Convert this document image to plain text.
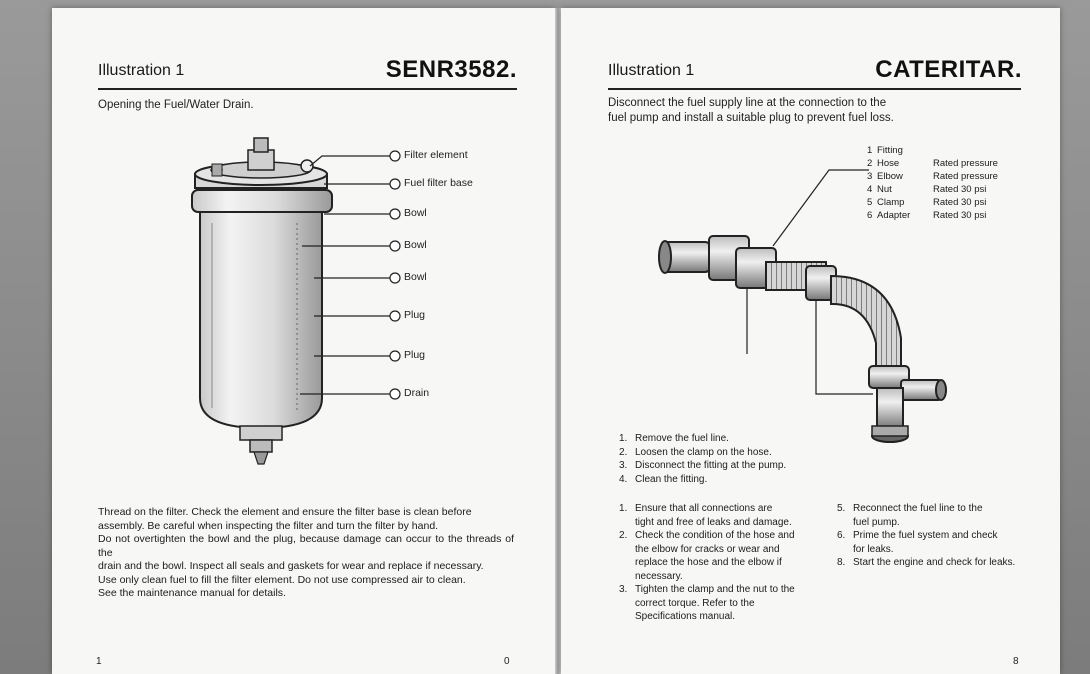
Illustration 1	SENR3582.
Opening the Fuel/Water Drain.
Filter element
Fuel filter base
Bowl
Bowl
Bowl
Plug
Plug
Drain
Thread on the filter. Check the element and ensure the filter base is clean before
assembly. Be careful when inspecting the filter and turn the filter by hand.
Do not overtighten the bowl and the plug, because damage can occur to the threads of the
drain and the bowl. Inspect all seals and gaskets for wear and replace if necessary.
Use only clean fuel to fill the filter element. Do not use compressed air to clean.
See the maintenance manual for details.
1	0
Illustration 1	CATERITAR.
Disconnect the fuel supply line at the connection to the
fuel pump and install a suitable plug to prevent fuel loss.
1 Fitting
2 Hose	Rated pressure
3 Elbow	Rated pressure
4 Nut	Rated 30 psi
5 Clamp	Rated 30 psi
6 Adapter	Rated 30 psi
1. Remove the fuel line.
2. Loosen the clamp on the hose.
3. Disconnect the fitting at the pump.
4. Clean the fitting.
1. Ensure that all connections are
tight and free of leaks and damage.
2. Check the condition of the hose and
the elbow for cracks or wear and
replace the hose and the elbow if
necessary.
3. Tighten the clamp and the nut to the
correct torque. Refer to the
Specifications manual.
5. Reconnect the fuel line to the
fuel pump.
6. Prime the fuel system and check
for leaks.
8. Start the engine and check for leaks.
8
